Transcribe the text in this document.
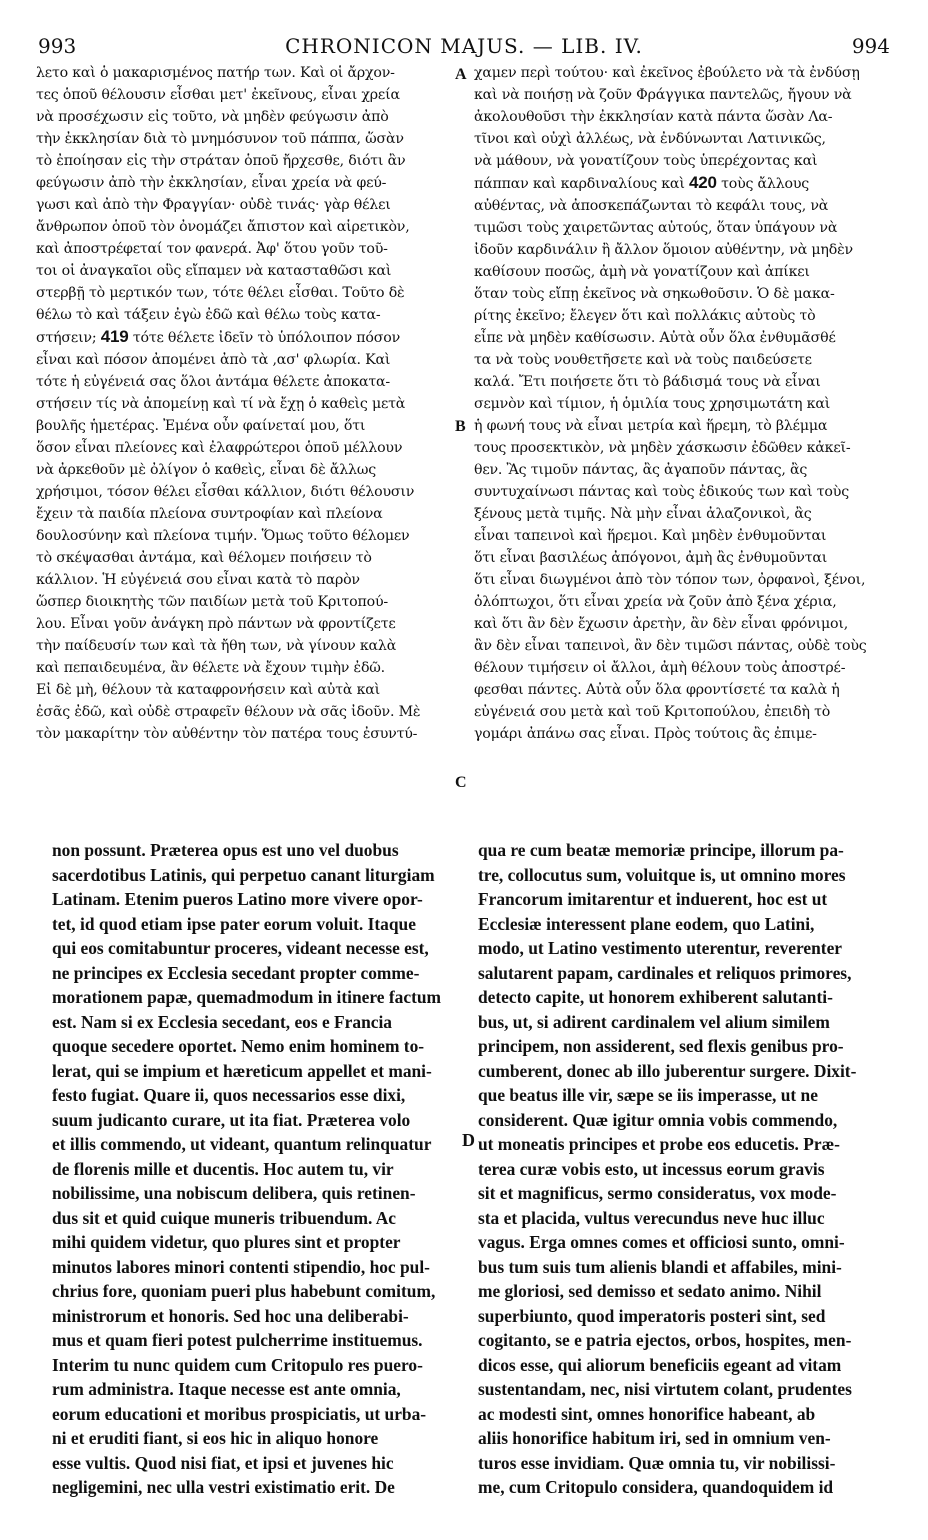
993	CHRONICON MAJUS. — LIB. IV.	994
λετο καὶ ὁ μακαρισμένος πατήρ των. Καὶ οἱ ἄρχον-
τες ὁποῦ θέλουσιν εἶσθαι μετ' ἐκεῖνους, εἶναι χρεία
νὰ προσέχωσιν εἰς τοῦτο, νὰ μηδὲν φεύγωσιν ἀπὸ
τὴν ἐκκλησίαν διὰ τὸ μνημόσυνον τοῦ πάππα, ὥσὰν
τὸ ἐποίησαν εἰς τὴν στράταν ὁποῦ ἤρχεσθε, διότι ἂν
φεύγωσιν ἀπὸ τὴν ἐκκλησίαν, εἶναι χρεία νὰ φεύ-
γωσι καὶ ἀπὸ τὴν Φραγγίαν· οὐδὲ τινάς· γὰρ θέλει
ἄνθρωπον ὁποῦ τὸν ὀνομάζει ἄπιστον καὶ αἱρετικὸν,
καὶ ἀποστρέφεταί τον φανερά. Ἀφ' ὅτου γοῦν τοῦ-
τοι οἱ ἀναγκαῖοι οὓς εἴπαμεν νὰ κατασταθῶσι καὶ
στερβῇ τὸ μερτικόν των, τότε θέλει εἶσθαι. Τοῦτο δὲ
θέλω τὸ καὶ τάξειν ἐγὼ ἐδῶ καὶ θέλω τοὺς κατα-
στήσειν; 419 τότε θέλετε ἰδεῖν τὸ ὑπόλοιπον πόσον
εἶναι καὶ πόσον ἀπομένει ἀπὸ τὰ ,ασ' φλωρία. Καὶ
τότε ἡ εὐγένειά σας ὅλοι ἀντάμα θέλετε ἀποκατα-
στήσειν τίς νὰ ἀπομείνῃ καὶ τί νὰ ἔχῃ ὁ καθεὶς μετὰ
βουλῆς ἡμετέρας. Ἐμένα οὖν φαίνεταί μου, ὅτι
ὅσον εἶναι πλείονες καὶ ἐλαφρώτεροι ὁποῦ μέλλουν
νὰ ἀρκεθοῦν μὲ ὀλίγον ὁ καθεὶς, εἶναι δὲ ἄλλως
χρήσιμοι, τόσον θέλει εἶσθαι κάλλιον, διότι θέλουσιν
ἔχειν τὰ παιδία πλείονα συντροφίαν καὶ πλείονα
δουλοσύνην καὶ πλείονα τιμήν. Ὅμως τοῦτο θέλομεν
τὸ σκέψασθαι ἀντάμα, καὶ θέλομεν ποιήσειν τὸ
κάλλιον. Ἡ εὐγένειά σου εἶναι κατὰ τὸ παρὸν
ὥσπερ διοικητὴς τῶν παιδίων μετὰ τοῦ Κριτοπού-
λου. Εἶναι γοῦν ἀνάγκη πρὸ πάντων νὰ φροντίζετε
τὴν παίδευσίν των καὶ τὰ ἤθη των, νὰ γίνουν καλὰ
καὶ πεπαιδευμένα, ἂν θέλετε νὰ ἔχουν τιμὴν ἐδῶ.
Εἰ δὲ μὴ, θέλουν τὰ καταφρονήσειν καὶ αὐτὰ καὶ
ἐσᾶς ἐδῶ, καὶ οὐδὲ στραφεῖν θέλουν νὰ σᾶς ἰδοῦν. Μὲ
τὸν μακαρίτην τὸν αὐθέντην τὸν πατέρα τους ἐσυντύ-
χαμεν περὶ τούτου· καὶ ἐκεῖνος ἐβούλετο νὰ τὰ ἐνδύσῃ
καὶ νὰ ποιήσῃ νὰ ζοῦν Φράγγικα παντελῶς, ἤγουν νὰ
ἀκολουθοῦσι τὴν ἐκκλησίαν κατὰ πάντα ὥσὰν Λα-
τῖνοι καὶ οὐχὶ ἀλλέως, νὰ ἐνδύνωνται Λατινικῶς,
νὰ μάθουν, νὰ γονατίζουν τοὺς ὑπερέχοντας καὶ
πάππαν καὶ καρδιναλίους καὶ 420 τοὺς ἄλλους
αὐθέντας, νὰ ἀποσκεπάζωνται τὸ κεφάλι τους, νὰ
τιμῶσι τοὺς χαιρετῶντας αὐτούς, ὅταν ὑπάγουν νὰ
ἰδοῦν καρδινάλιν ἢ ἄλλον ὅμοιον αὐθέντην, νὰ μηδὲν
καθίσουν ποσῶς, ἀμὴ νὰ γονατίζουν καὶ ἀπίκει
ὅταν τοὺς εἴπῃ ἐκεῖνος νὰ σηκωθοῦσιν. Ὁ δὲ μακα-
ρίτης ἐκεῖνο; ἔλεγεν ὅτι καὶ πολλάκις αὐτοὺς τὸ
εἶπε νὰ μηδὲν καθίσωσιν. Αὐτὰ οὖν ὅλα ἐνθυμᾶσθέ
τα νὰ τοὺς νουθετῆσετε καὶ νὰ τοὺς παιδεύσετε
καλά. Ἔτι ποιήσετε ὅτι τὸ βάδισμά τους νὰ εἶναι
σεμνὸν καὶ τίμιον, ἡ ὁμιλία τους χρησιμωτάτη καὶ
ἡ φωνή τους νὰ εἶναι μετρία καὶ ἥρεμη, τὸ βλέμμα
τους προσεκτικὸν, νὰ μηδὲν χάσκωσιν ἐδῶθεν κἀκεῖ-
θεν. Ἂς τιμοῦν πάντας, ἂς ἀγαποῦν πάντας, ἂς
συντυχαίνωσι πάντας καὶ τοὺς ἐδικούς των καὶ τοὺς
ξένους μετὰ τιμῆς. Νὰ μὴν εἶναι ἀλαζονικοὶ, ἂς
εἶναι ταπεινοὶ καὶ ἥρεμοι. Καὶ μηδὲν ἐνθυμοῦνται
ὅτι εἶναι βασιλέως ἀπόγονοι, ἀμὴ ἂς ἐνθυμοῦνται
ὅτι εἶναι διωγμένοι ἀπὸ τὸν τόπον των, ὀρφανοὶ, ξένοι,
ὀλόπτωχοι, ὅτι εἶναι χρεία νὰ ζοῦν ἀπὸ ξένα χέρια,
καὶ ὅτι ἂν δὲν ἔχωσιν ἀρετὴν, ἂν δὲν εἶναι φρόνιμοι,
ἂν δὲν εἶναι ταπεινοὶ, ἂν δὲν τιμῶσι πάντας, οὐδὲ τοὺς
θέλουν τιμήσειν οἱ ἄλλοι, ἀμὴ θέλουν τοὺς ἀποστρέ-
φεσθαι πάντες. Αὐτὰ οὖν ὅλα φροντίσετέ τα καλὰ ἡ
εὐγένειά σου μετὰ καὶ τοῦ Κριτοπούλου, ἐπειδὴ τὸ
γομάρι ἀπάνω σας εἶναι. Πρὸς τούτοις ἂς ἐπιμε-
non possunt. Præterea opus est uno vel duobus
sacerdotibus Latinis, qui perpetuo canant liturgiam
Latinam. Etenim pueros Latino more vivere opor-
tet, id quod etiam ipse pater eorum voluit. Itaque
qui eos comitabuntur proceres, videant necesse est,
ne principes ex Ecclesia secedant propter comme-
morationem papæ, quemadmodum in itinere factum
est. Nam si ex Ecclesia secedant, eos e Francia
quoque secedere oportet. Nemo enim hominem to-
lerat, qui se impium et hæreticum appellet et mani-
festo fugiat. Quare ii, quos necessarios esse dixi,
suum judicanto curare, ut ita fiat. Præterea volo
et illis commendo, ut videant, quantum relinquatur
de florenis mille et ducentis. Hoc autem tu, vir
nobilissime, una nobiscum delibera, quis retinen-
dus sit et quid cuique muneris tribuendum. Ac
mihi quidem videtur, quo plures sint et propter
minutos labores minori contenti stipendio, hoc pul-
chrius fore, quoniam pueri plus habebunt comitum,
ministrorum et honoris. Sed hoc una deliberabi-
mus et quam fieri potest pulcherrime instituemus.
Interim tu nunc quidem cum Critopulo res puero-
rum administra. Itaque necesse est ante omnia,
eorum educationi et moribus prospiciatis, ut urba-
ni et eruditi fiant, si eos hic in aliquo honore
esse vultis. Quod nisi fiat, et ipsi et juvenes hic
negligemini, nec ulla vestri existimatio erit. De
qua re cum beatæ memoriæ principe, illorum pa-
tre, collocutus sum, voluitque is, ut omnino mores
Francorum imitarentur et induerent, hoc est ut
Ecclesiæ interessent plane eodem, quo Latini,
modo, ut Latino vestimento uterentur, reverenter
salutarent papam, cardinales et reliquos primores,
detecto capite, ut honorem exhiberent salutanti-
bus, ut, si adirent cardinalem vel alium similem
principem, non assiderent, sed flexis genibus pro-
cumberent, donec ab illo juberentur surgere. Dixit-
que beatus ille vir, sæpe se iis imperasse, ut ne
considerent. Quæ igitur omnia vobis commendo,
ut moneatis principes et probe eos educetis. Præ-
terea curæ vobis esto, ut incessus eorum gravis
sit et magnificus, sermo consideratus, vox mode-
sta et placida, vultus verecundus neve huc illuc
vagus. Erga omnes comes et officiosi sunto, omni-
bus tum suis tum alienis blandi et affabiles, mini-
me gloriosi, sed demisso et sedato animo. Nihil
superbiunto, quod imperatoris posteri sint, sed
cogitanto, se e patria ejectos, orbos, hospites, men-
dicos esse, qui aliorum beneficiis egeant ad vitam
sustentandam, nec, nisi virtutem colant, prudentes
ac modesti sint, omnes honorifice habeant, ab
aliis honorifice habitum iri, sed in omnium ven-
turos esse invidiam. Quæ omnia tu, vir nobilissi-
me, cum Critopulo considera, quandoquidem id
A
B
C
D
